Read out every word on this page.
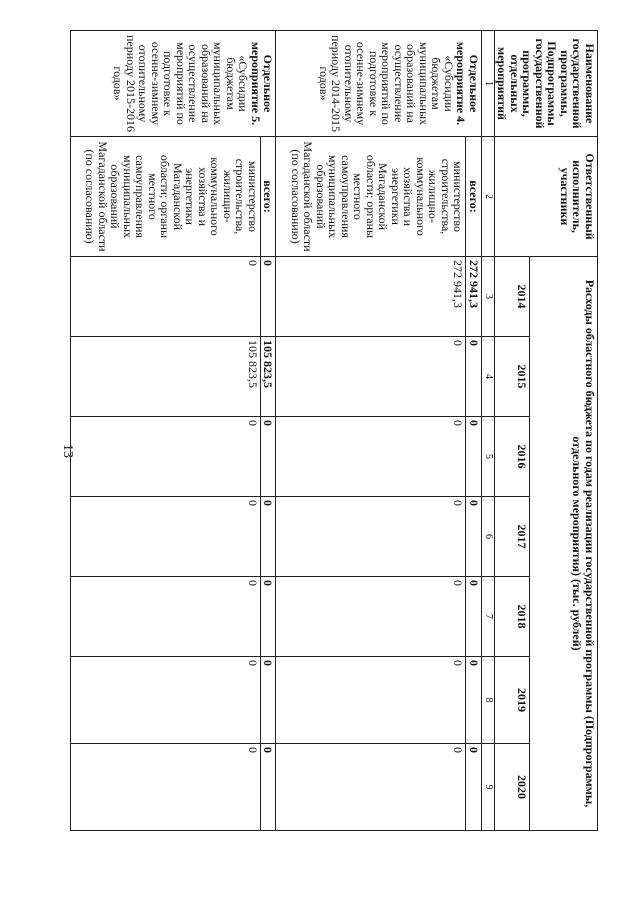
13
Наименование государственной программы, Подпрограммы государственной программы, отдельных мероприятий	Ответственный исполнитель, участники	Расходы областного бюджета по годам реализации государственной программы (Подпрограммы, отдельного мероприятия) (тыс. рублей)						
		2014	2015	2016	2017	2018	2019	2020
1	2	3	4	5	6	7	8	9
Отдельное мероприятие 4. «Субсидии бюджетам муниципальных образований на осуществление мероприятий по подготовке к осенне-зимнему отопительному периоду 2014-2015 годов»	всего:	272 941,3	0	0	0	0	0	0
	министерство строительства, жилищно-коммунального хозяйства и энергетики Магаданской области; органы местного самоуправления муниципальных образований Магаданской области (по согласованию)	272 941,3	0	0	0	0	0	0
Отдельное мероприятие 5. «Субсидии бюджетам муниципальных образований на осуществление мероприятий по подготовке к осенне-зимнему отопительному периоду 2015-2016 годов»	всего:	0	105 823,5	0	0	0	0	0
	министерство строительства, жилищно-коммунального хозяйства и энергетики Магаданской области; органы местного самоуправления муниципальных образований Магаданской области (по согласованию)	0	105 823,5	0	0	0	0	0
